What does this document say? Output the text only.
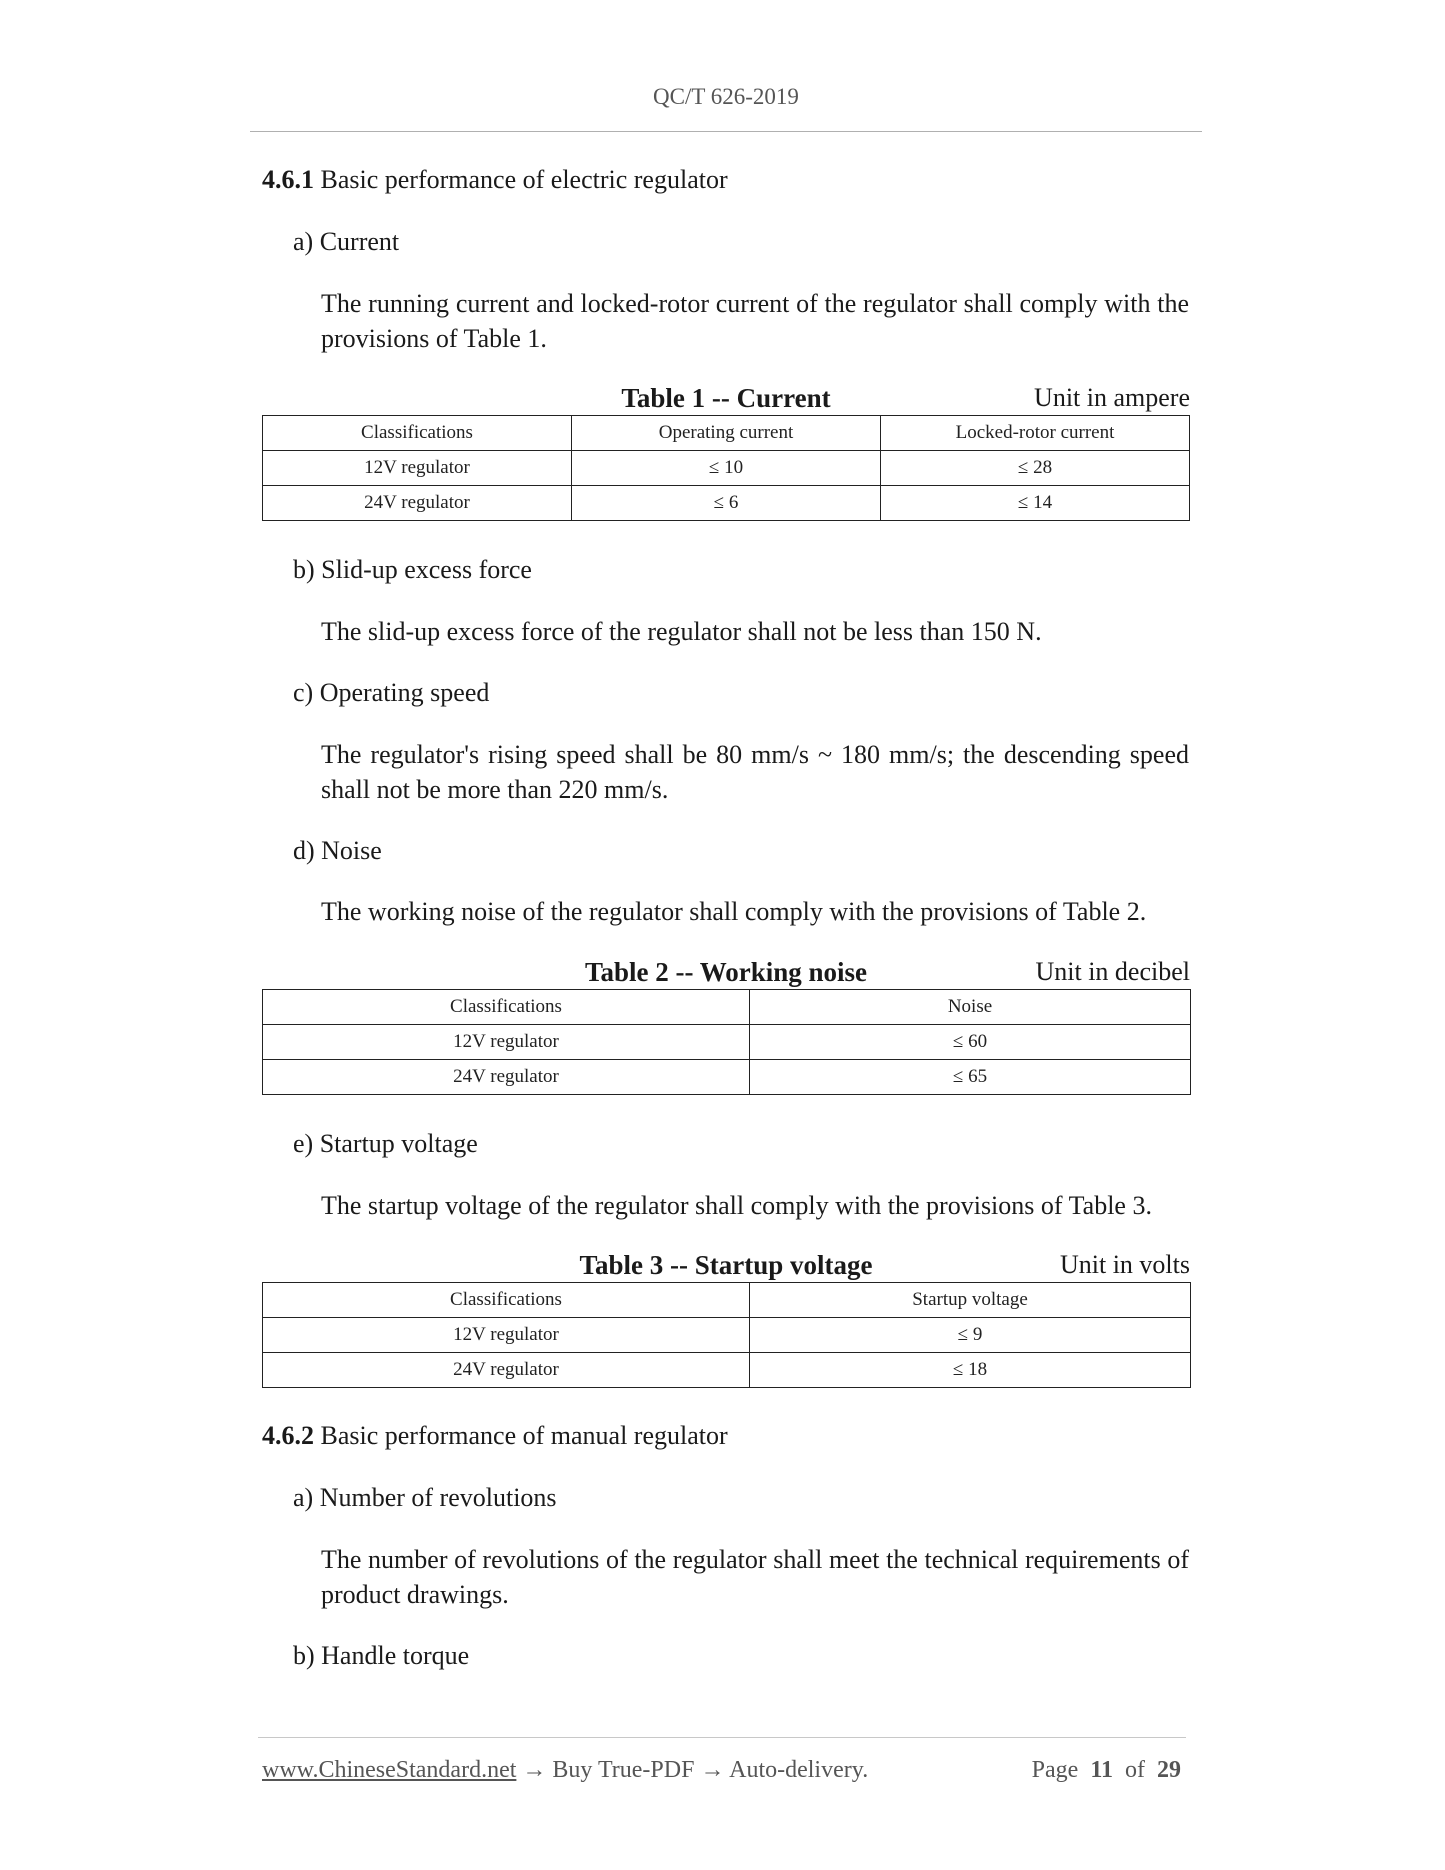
QC/T 626-2019
4.6.1 Basic performance of electric regulator
a) Current
The running current and locked-rotor current of the regulator shall comply with the provisions of Table 1.
Table 1 -- Current	Unit in ampere
Classifications	Operating current	Locked-rotor current
12V regulator	≤ 10	≤ 28
24V regulator	≤ 6	≤ 14
b) Slid-up excess force
The slid-up excess force of the regulator shall not be less than 150 N.
c) Operating speed
The regulator's rising speed shall be 80 mm/s ~ 180 mm/s; the descending speed shall not be more than 220 mm/s.
d) Noise
The working noise of the regulator shall comply with the provisions of Table 2.
Table 2 -- Working noise	Unit in decibel
Classifications	Noise
12V regulator	≤ 60
24V regulator	≤ 65
e) Startup voltage
The startup voltage of the regulator shall comply with the provisions of Table 3.
Table 3 -- Startup voltage	Unit in volts
Classifications	Startup voltage
12V regulator	≤ 9
24V regulator	≤ 18
4.6.2 Basic performance of manual regulator
a) Number of revolutions
The number of revolutions of the regulator shall meet the technical requirements of product drawings.
b) Handle torque
www.ChineseStandard.net → Buy True-PDF → Auto-delivery.	Page 11 of 29
